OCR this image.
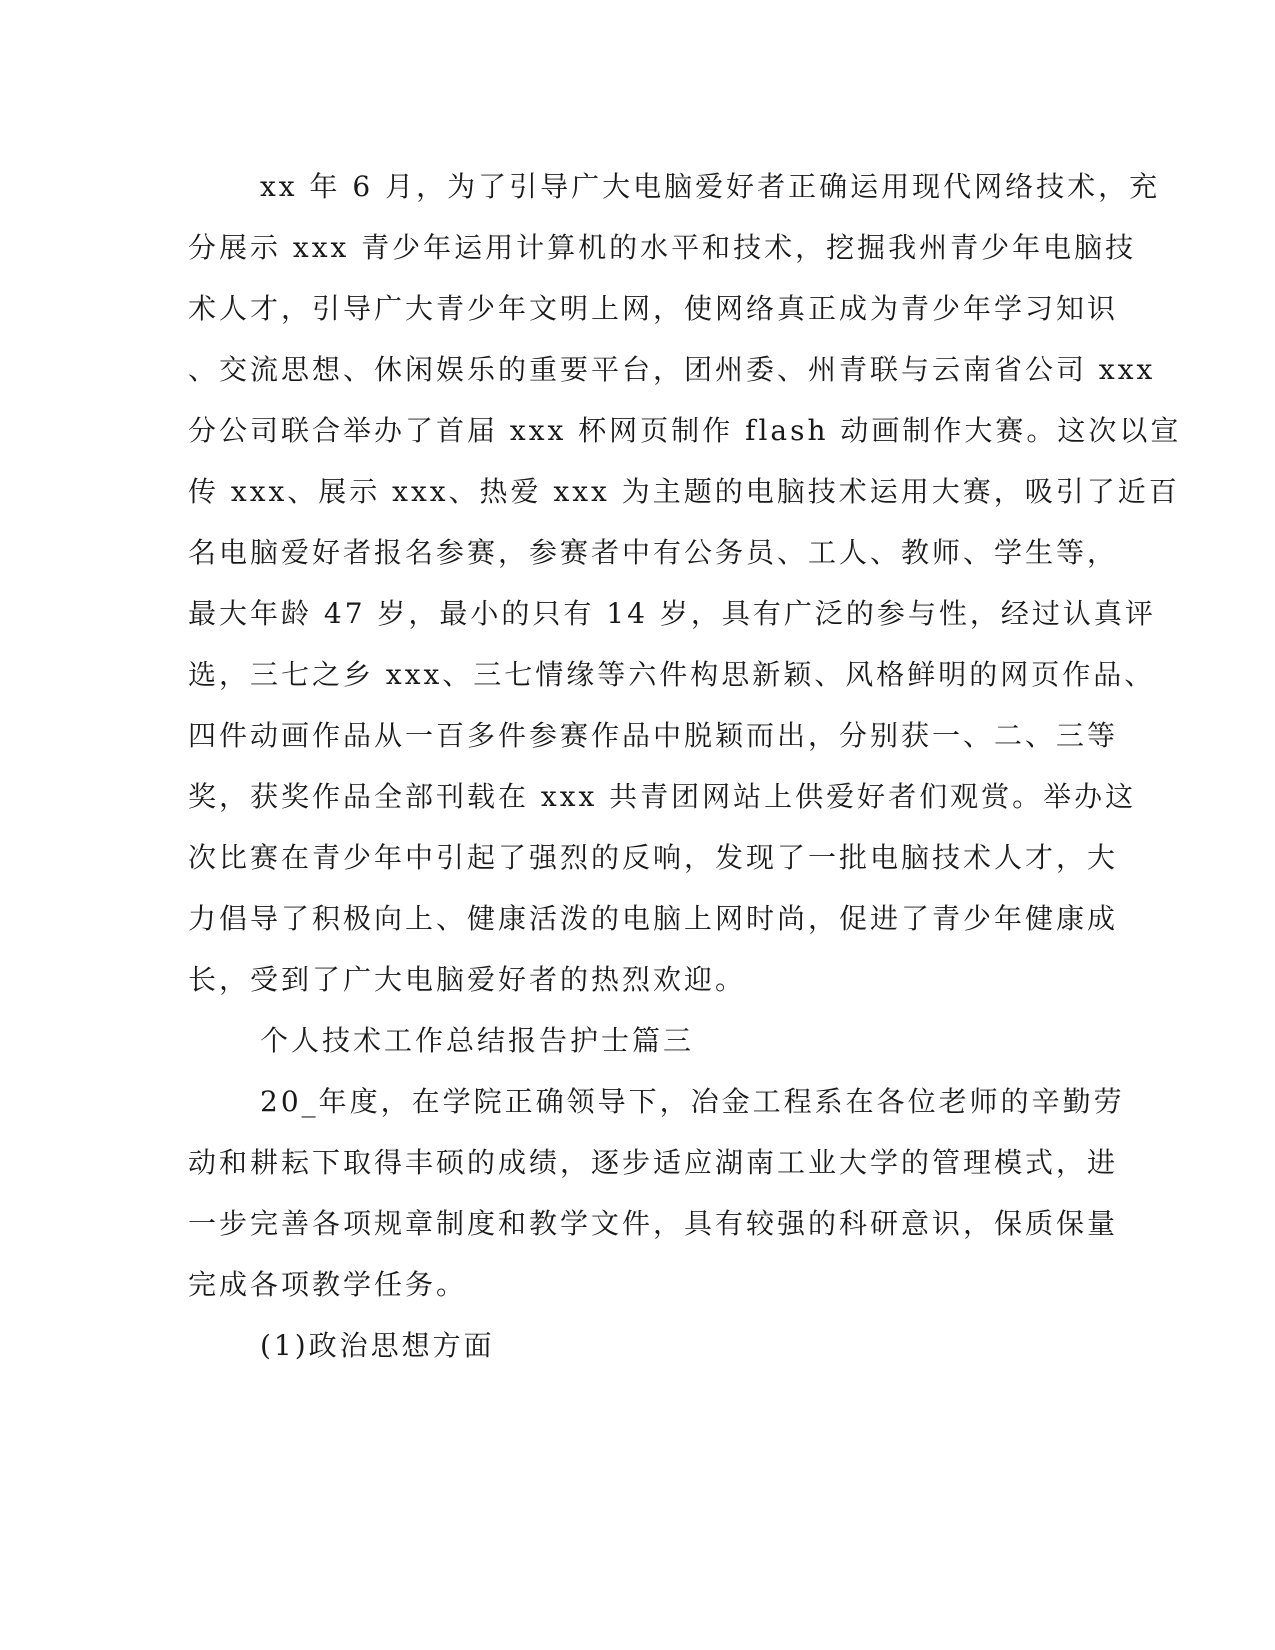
xx 年 6 月，为了引导广大电脑爱好者正确运用现代网络技术，充
分展示 xxx 青少年运用计算机的水平和技术，挖掘我州青少年电脑技
术人才，引导广大青少年文明上网，使网络真正成为青少年学习知识
、交流思想、休闲娱乐的重要平台，团州委、州青联与云南省公司 xxx
分公司联合举办了首届 xxx 杯网页制作 flash 动画制作大赛。这次以宣
传 xxx、展示 xxx、热爱 xxx 为主题的电脑技术运用大赛，吸引了近百
名电脑爱好者报名参赛，参赛者中有公务员、工人、教师、学生等，
最大年龄 47 岁，最小的只有 14 岁，具有广泛的参与性，经过认真评
选，三七之乡 xxx、三七情缘等六件构思新颖、风格鲜明的网页作品、
四件动画作品从一百多件参赛作品中脱颖而出，分别获一、二、三等
奖，获奖作品全部刊载在 xxx 共青团网站上供爱好者们观赏。举办这
次比赛在青少年中引起了强烈的反响，发现了一批电脑技术人才，大
力倡导了积极向上、健康活泼的电脑上网时尚，促进了青少年健康成
长，受到了广大电脑爱好者的热烈欢迎。
个人技术工作总结报告护士篇三
20_年度，在学院正确领导下，冶金工程系在各位老师的辛勤劳
动和耕耘下取得丰硕的成绩，逐步适应湖南工业大学的管理模式，进
一步完善各项规章制度和教学文件，具有较强的科研意识，保质保量
完成各项教学任务。
(1)政治思想方面
